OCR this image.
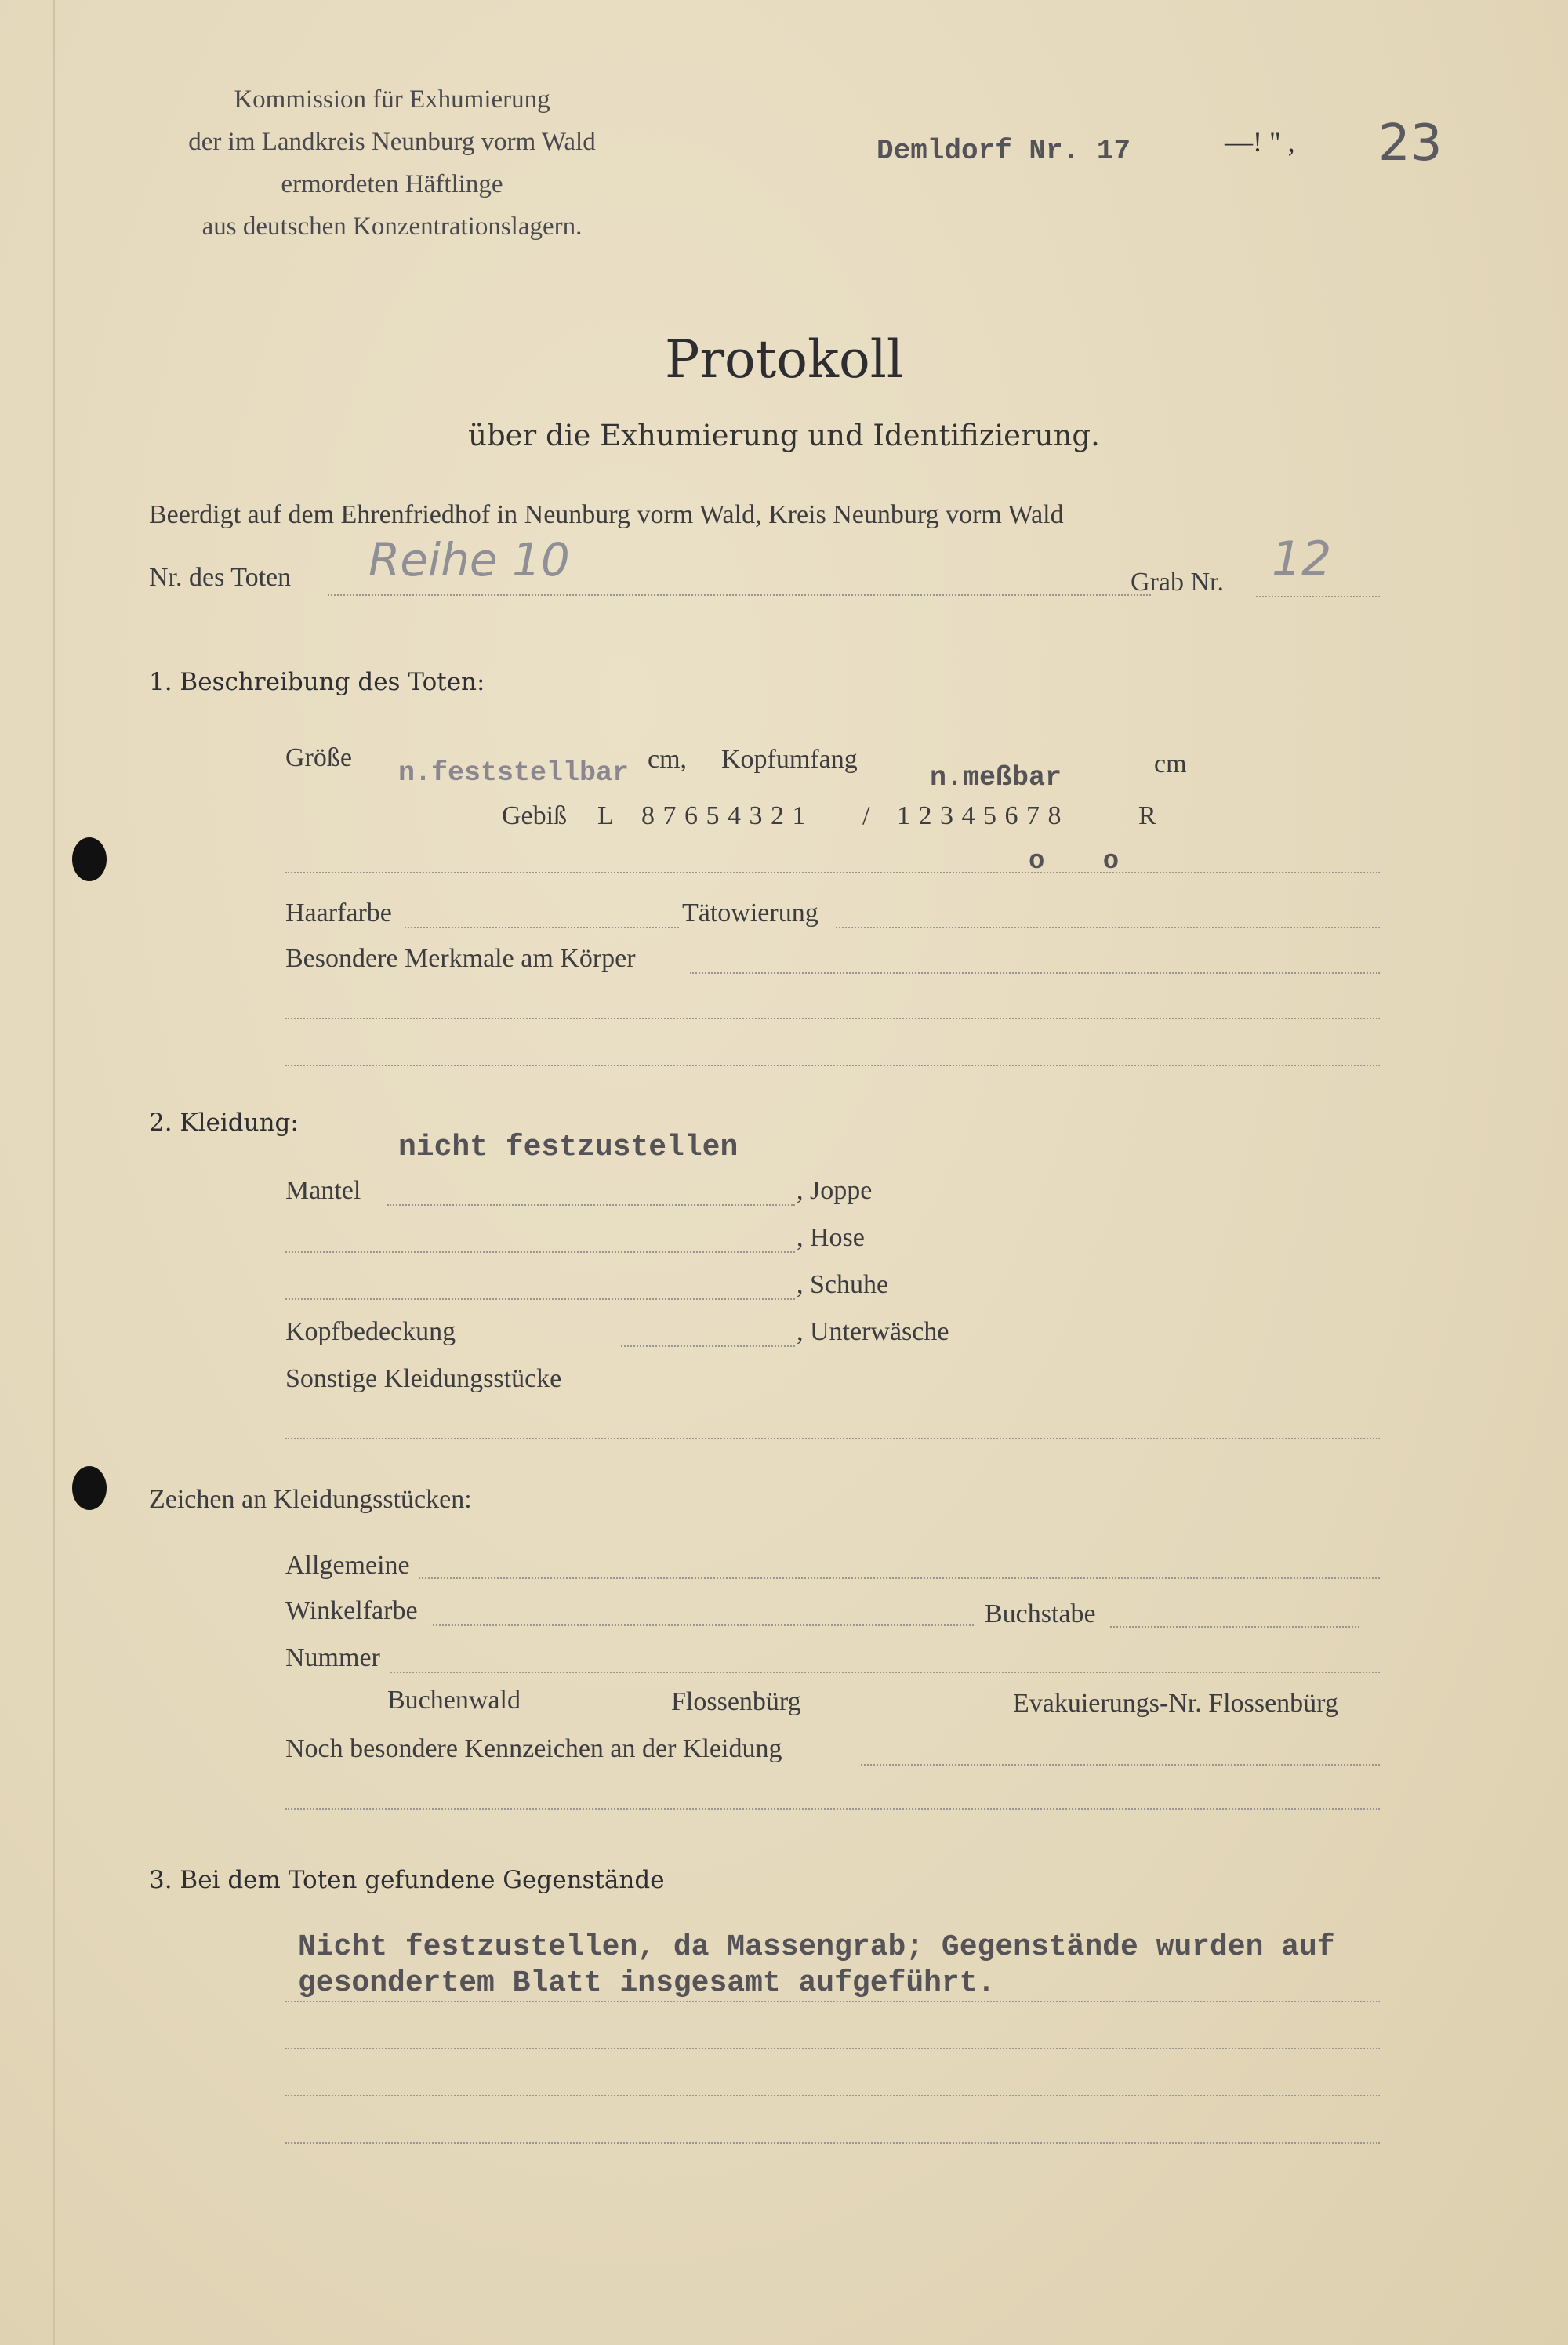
Kommission für Exhumierung
der im Landkreis Neunburg vorm Wald
ermordeten Häftlinge
aus deutschen Konzentrationslagern.
Demldorf Nr. 17	—! " , 23
Protokoll
über die Exhumierung und Identifizierung.
Beerdigt auf dem Ehrenfriedhof in Neunburg vorm Wald, Kreis Neunburg vorm Wald
Nr. des Toten Reihe 10	Grab Nr. 12
1. Beschreibung des Toten:
Größe n.feststellbar cm, Kopfumfang
n.meßbar	cm
Gebiß L 8 7 6 5 4 3 2 1 / 1 2 3 4 5 6 7 8	R
o o
Haarfarbe	Tätowierung
Besondere Merkmale am Körper
2. Kleidung:
nicht festzustellen
Mantel	, Joppe
, Hose
, Schuhe
Kopfbedeckung	, Unterwäsche
Sonstige Kleidungsstücke
Zeichen an Kleidungsstücken:
Allgemeine
Winkelfarbe	Buchstabe
Nummer
Buchenwald	Flossenbürg	Evakuierungs-Nr. Flossenbürg
Noch besondere Kennzeichen an der Kleidung
3. Bei dem Toten gefundene Gegenstände
Nicht festzustellen, da Massengrab; Gegenstände wurden auf
gesondertem Blatt insgesamt aufgeführt.
